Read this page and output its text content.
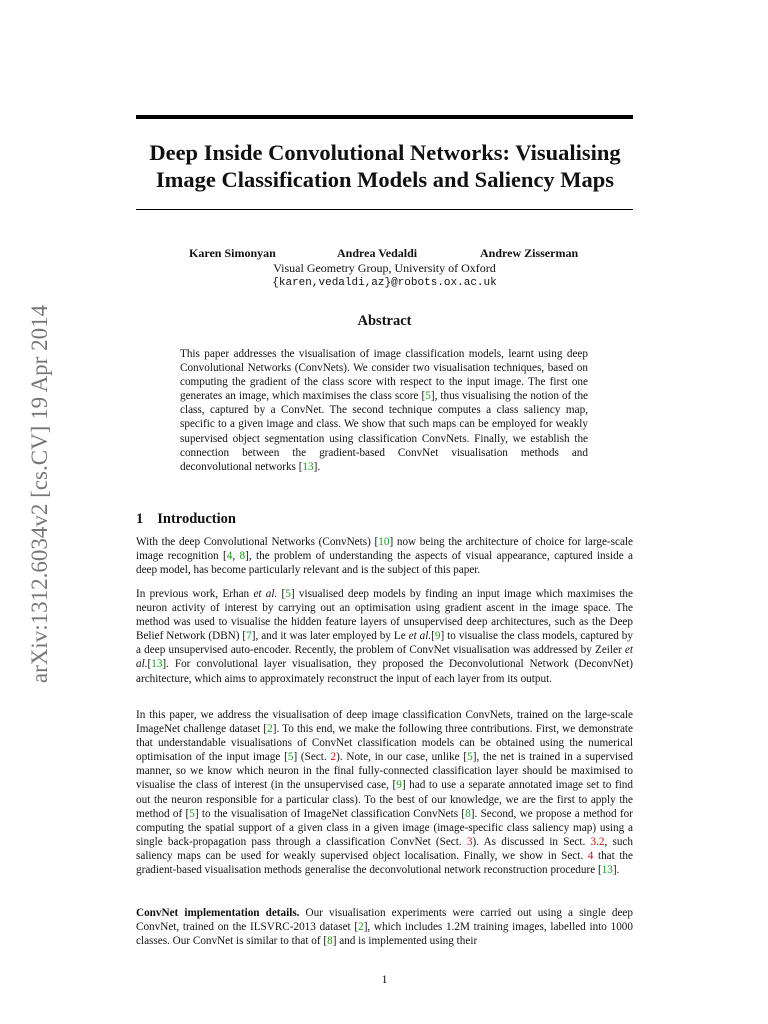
Deep Inside Convolutional Networks: Visualising
Image Classification Models and Saliency Maps
arXiv:1312.6034v2 [cs.CV] 19 Apr 2014
Karen Simonyan	Andrea Vedaldi	Andrew Zisserman
Visual Geometry Group, University of Oxford
{karen,vedaldi,az}@robots.ox.ac.uk
Abstract
This paper addresses the visualisation of image classification models, learnt using deep Convolutional Networks (ConvNets). We consider two visualisation techniques, based on computing the gradient of the class score with respect to the input image. The first one generates an image, which maximises the class score [5], thus visualising the notion of the class, captured by a ConvNet. The second technique computes a class saliency map, specific to a given image and class. We show that such maps can be employed for weakly supervised object segmentation using classification ConvNets. Finally, we establish the connection between the gradient-based ConvNet visualisation methods and deconvolutional networks [13].
1 Introduction
With the deep Convolutional Networks (ConvNets) [10] now being the architecture of choice for large-scale image recognition [4, 8], the problem of understanding the aspects of visual appearance, captured inside a deep model, has become particularly relevant and is the subject of this paper.
In previous work, Erhan et al. [5] visualised deep models by finding an input image which maximises the neuron activity of interest by carrying out an optimisation using gradient ascent in the image space. The method was used to visualise the hidden feature layers of unsupervised deep architectures, such as the Deep Belief Network (DBN) [7], and it was later employed by Le et al.[9] to visualise the class models, captured by a deep unsupervised auto-encoder. Recently, the problem of ConvNet visualisation was addressed by Zeiler et al.[13]. For convolutional layer visualisation, they proposed the Deconvolutional Network (DeconvNet) architecture, which aims to approximately reconstruct the input of each layer from its output.
In this paper, we address the visualisation of deep image classification ConvNets, trained on the large-scale ImageNet challenge dataset [2]. To this end, we make the following three contributions. First, we demonstrate that understandable visualisations of ConvNet classification models can be obtained using the numerical optimisation of the input image [5] (Sect. 2). Note, in our case, unlike [5], the net is trained in a supervised manner, so we know which neuron in the final fully-connected classification layer should be maximised to visualise the class of interest (in the unsupervised case, [9] had to use a separate annotated image set to find out the neuron responsible for a particular class). To the best of our knowledge, we are the first to apply the method of [5] to the visualisation of ImageNet classification ConvNets [8]. Second, we propose a method for computing the spatial support of a given class in a given image (image-specific class saliency map) using a single back-propagation pass through a classification ConvNet (Sect. 3). As discussed in Sect. 3.2, such saliency maps can be used for weakly supervised object localisation. Finally, we show in Sect. 4 that the gradient-based visualisation methods generalise the deconvolutional network reconstruction procedure [13].
ConvNet implementation details. Our visualisation experiments were carried out using a single deep ConvNet, trained on the ILSVRC-2013 dataset [2], which includes 1.2M training images, labelled into 1000 classes. Our ConvNet is similar to that of [8] and is implemented using their
1
